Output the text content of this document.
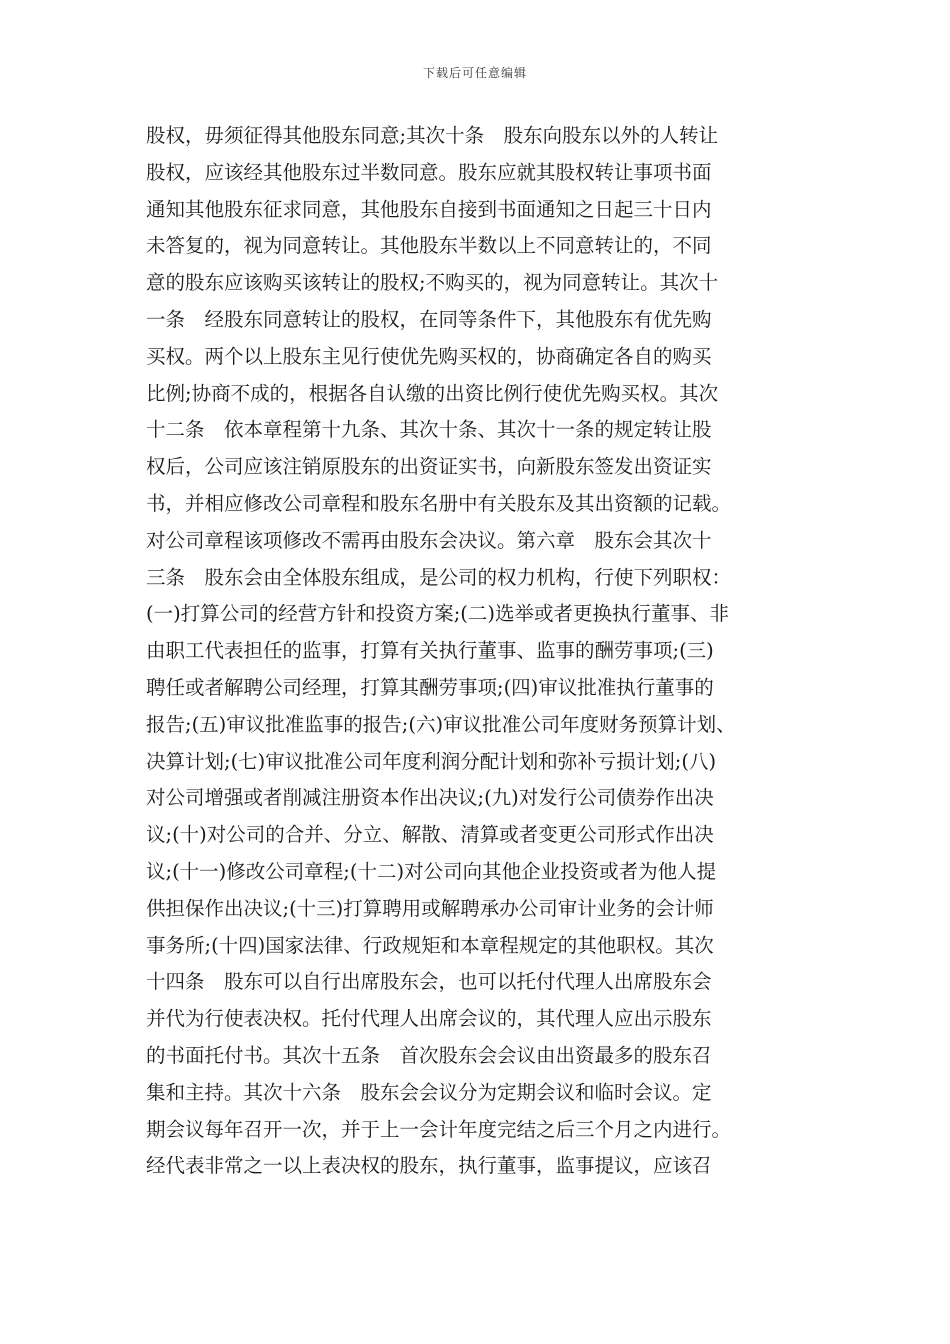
下载后可任意编辑
股权，毋须征得其他股东同意;其次十条　股东向股东以外的人转让
股权，应该经其他股东过半数同意。股东应就其股权转让事项书面
通知其他股东征求同意，其他股东自接到书面通知之日起三十日内
未答复的，视为同意转让。其他股东半数以上不同意转让的，不同
意的股东应该购买该转让的股权;不购买的，视为同意转让。其次十
一条　经股东同意转让的股权，在同等条件下，其他股东有优先购
买权。两个以上股东主见行使优先购买权的，协商确定各自的购买
比例;协商不成的，根据各自认缴的出资比例行使优先购买权。其次
十二条　依本章程第十九条、其次十条、其次十一条的规定转让股
权后，公司应该注销原股东的出资证实书，向新股东签发出资证实
书，并相应修改公司章程和股东名册中有关股东及其出资额的记载。
对公司章程该项修改不需再由股东会决议。第六章　股东会其次十
三条　股东会由全体股东组成，是公司的权力机构，行使下列职权：
(一)打算公司的经营方针和投资方案;(二)选举或者更换执行董事、非
由职工代表担任的监事，打算有关执行董事、监事的酬劳事项;(三)
聘任或者解聘公司经理，打算其酬劳事项;(四)审议批准执行董事的
报告;(五)审议批准监事的报告;(六)审议批准公司年度财务预算计划、
决算计划;(七)审议批准公司年度利润分配计划和弥补亏损计划;(八)
对公司增强或者削减注册资本作出决议;(九)对发行公司债券作出决
议;(十)对公司的合并、分立、解散、清算或者变更公司形式作出决
议;(十一)修改公司章程;(十二)对公司向其他企业投资或者为他人提
供担保作出决议;(十三)打算聘用或解聘承办公司审计业务的会计师
事务所;(十四)国家法律、行政规矩和本章程规定的其他职权。其次
十四条　股东可以自行出席股东会，也可以托付代理人出席股东会
并代为行使表决权。托付代理人出席会议的，其代理人应出示股东
的书面托付书。其次十五条　首次股东会会议由出资最多的股东召
集和主持。其次十六条　股东会会议分为定期会议和临时会议。定
期会议每年召开一次，并于上一会计年度完结之后三个月之内进行。
经代表非常之一以上表决权的股东，执行董事，监事提议，应该召
